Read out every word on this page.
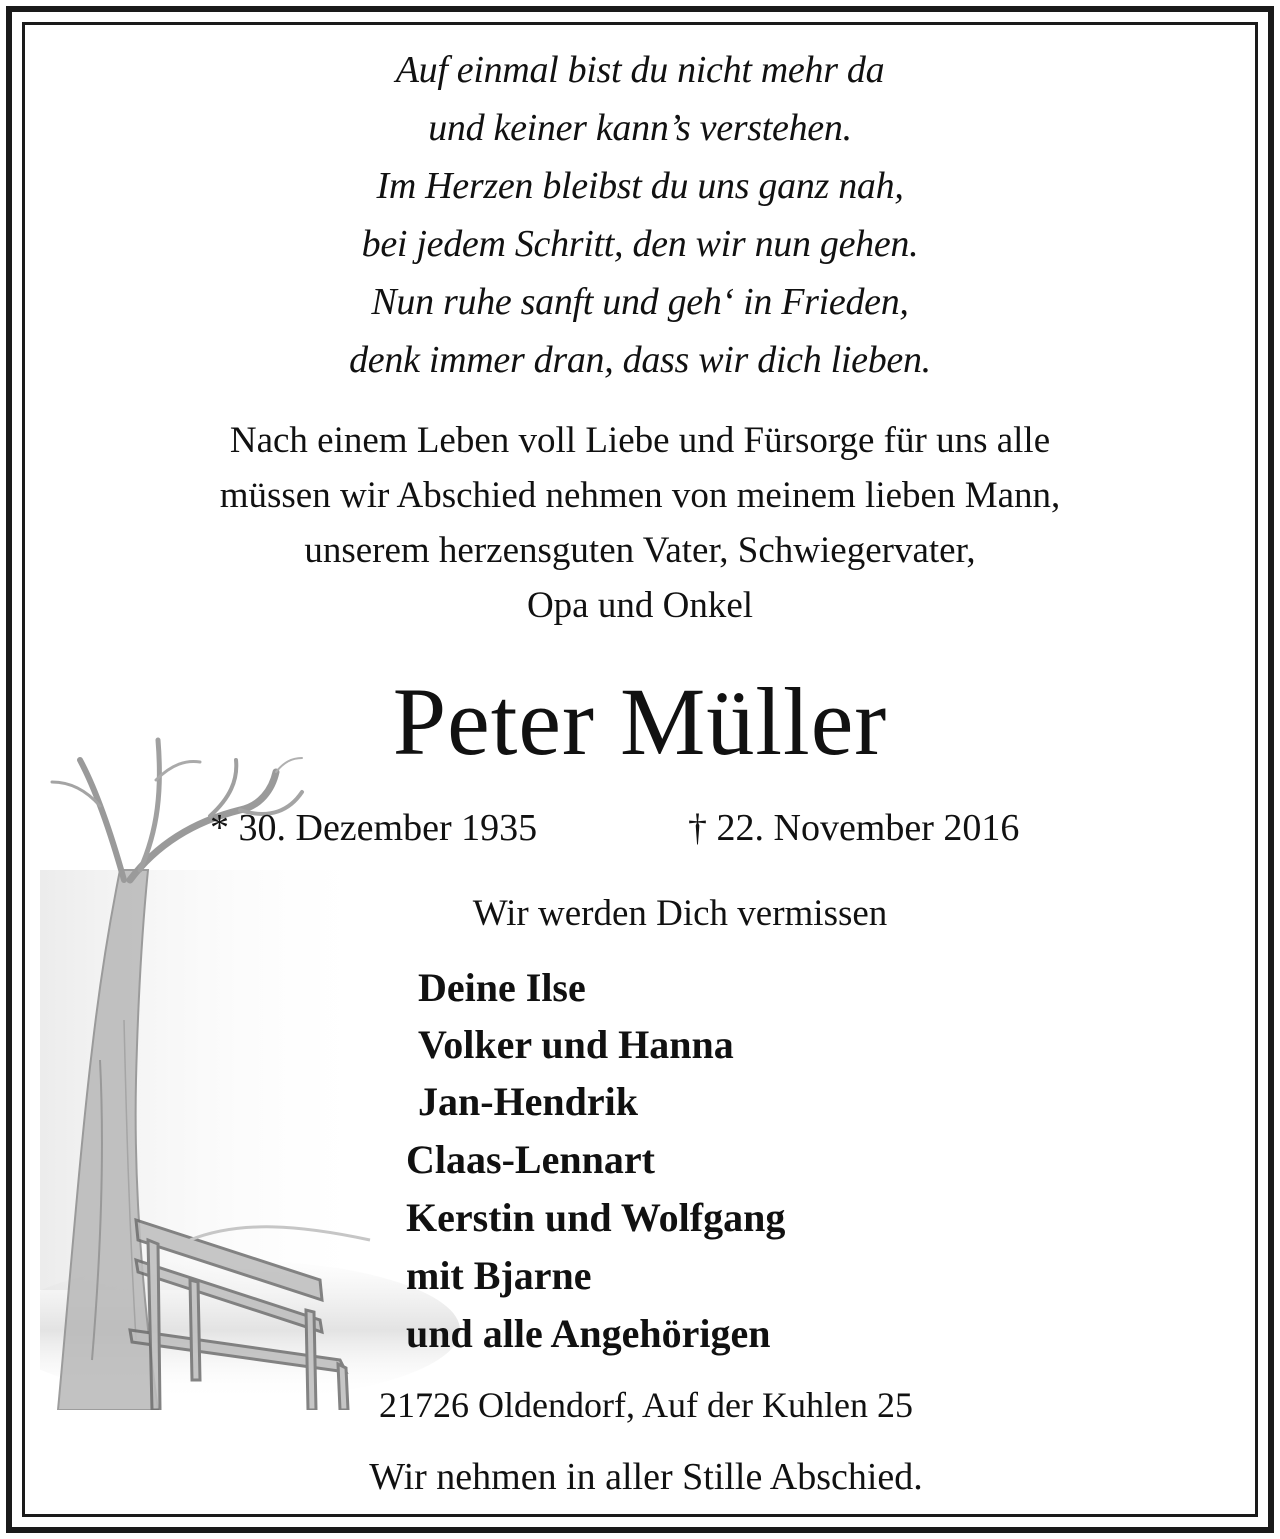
Auf einmal bist du nicht mehr da

und keiner kann’s verstehen.

Im Herzen bleibst du uns ganz nah,

bei jedem Schritt, den wir nun gehen.

Nun ruhe sanft und geh‘ in Frieden,

denk immer dran, dass wir dich lieben.

Nach einem Leben voll Liebe und Fürsorge für uns alle

müssen wir Abschied nehmen von meinem lieben Mann,

unserem herzensguten Vater, Schwiegervater,

Opa und Onkel

Peter Müller

* 30. Dezember 1935	† 22. November 2016

Wir werden Dich vermissen

Deine Ilse

Volker und Hanna

Jan-Hendrik

Claas-Lennart

Kerstin und Wolfgang

mit Bjarne

und alle Angehörigen

21726 Oldendorf, Auf der Kuhlen 25

Wir nehmen in aller Stille Abschied.
